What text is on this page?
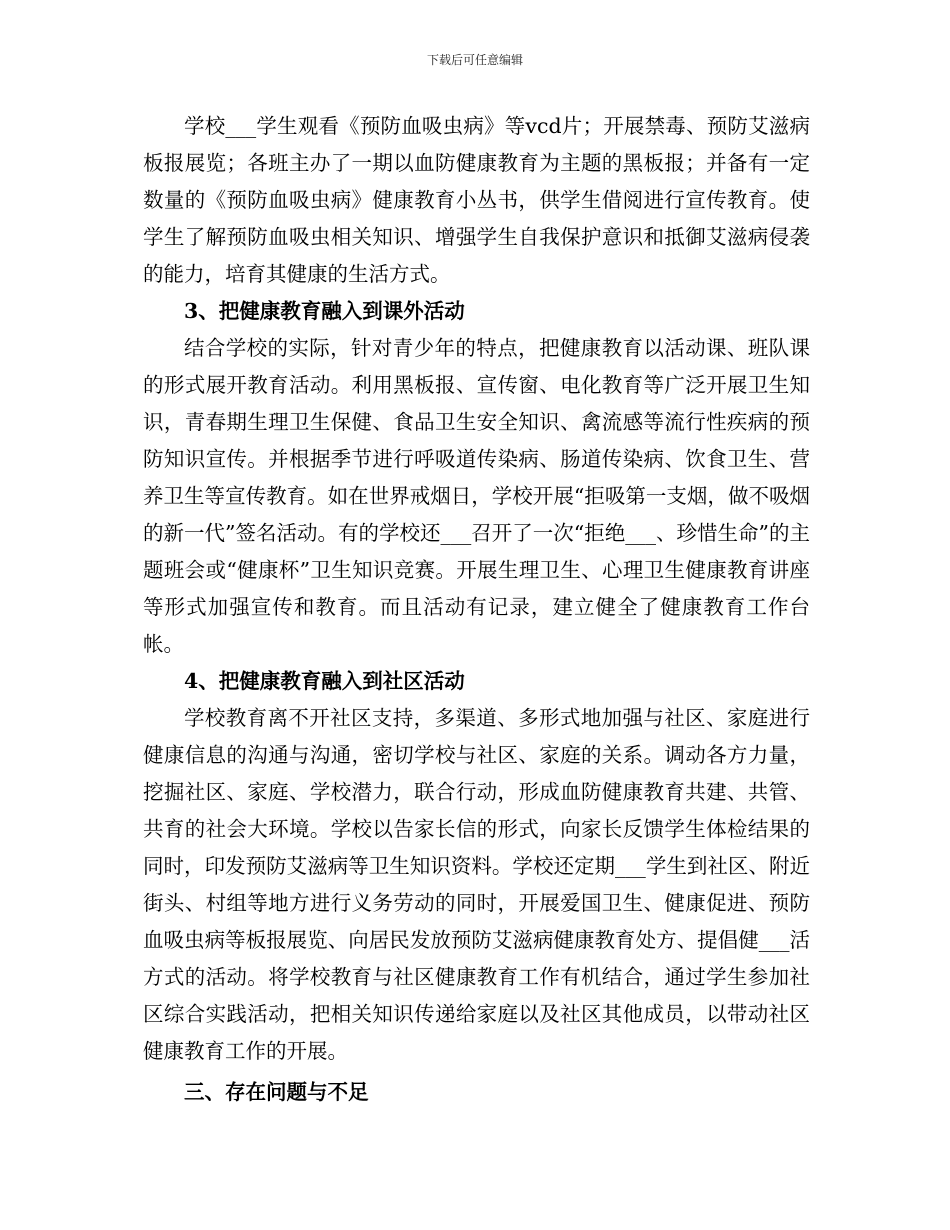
下载后可任意编辑

学校___学生观看《预防血吸虫病》等vcd片；开展禁毒、预防艾滋病板报展览；各班主办了一期以血防健康教育为主题的黑板报；并备有一定数量的《预防血吸虫病》健康教育小丛书，供学生借阅进行宣传教育。使学生了解预防血吸虫相关知识、增强学生自我保护意识和抵御艾滋病侵袭的能力，培育其健康的生活方式。

3、把健康教育融入到课外活动

结合学校的实际，针对青少年的特点，把健康教育以活动课、班队课的形式展开教育活动。利用黑板报、宣传窗、电化教育等广泛开展卫生知识，青春期生理卫生保健、食品卫生安全知识、禽流感等流行性疾病的预防知识宣传。并根据季节进行呼吸道传染病、肠道传染病、饮食卫生、营养卫生等宣传教育。如在世界戒烟日，学校开展“拒吸第一支烟，做不吸烟的新一代”签名活动。有的学校还___召开了一次“拒绝___、珍惜生命”的主题班会或“健康杯”卫生知识竞赛。开展生理卫生、心理卫生健康教育讲座等形式加强宣传和教育。而且活动有记录，建立健全了健康教育工作台帐。

4、把健康教育融入到社区活动

学校教育离不开社区支持，多渠道、多形式地加强与社区、家庭进行健康信息的沟通与沟通，密切学校与社区、家庭的关系。调动各方力量，挖掘社区、家庭、学校潜力，联合行动，形成血防健康教育共建、共管、共育的社会大环境。学校以告家长信的形式，向家长反馈学生体检结果的同时，印发预防艾滋病等卫生知识资料。学校还定期___学生到社区、附近街头、村组等地方进行义务劳动的同时，开展爱国卫生、健康促进、预防血吸虫病等板报展览、向居民发放预防艾滋病健康教育处方、提倡健___活方式的活动。将学校教育与社区健康教育工作有机结合，通过学生参加社区综合实践活动，把相关知识传递给家庭以及社区其他成员，以带动社区健康教育工作的开展。

三、存在问题与不足
